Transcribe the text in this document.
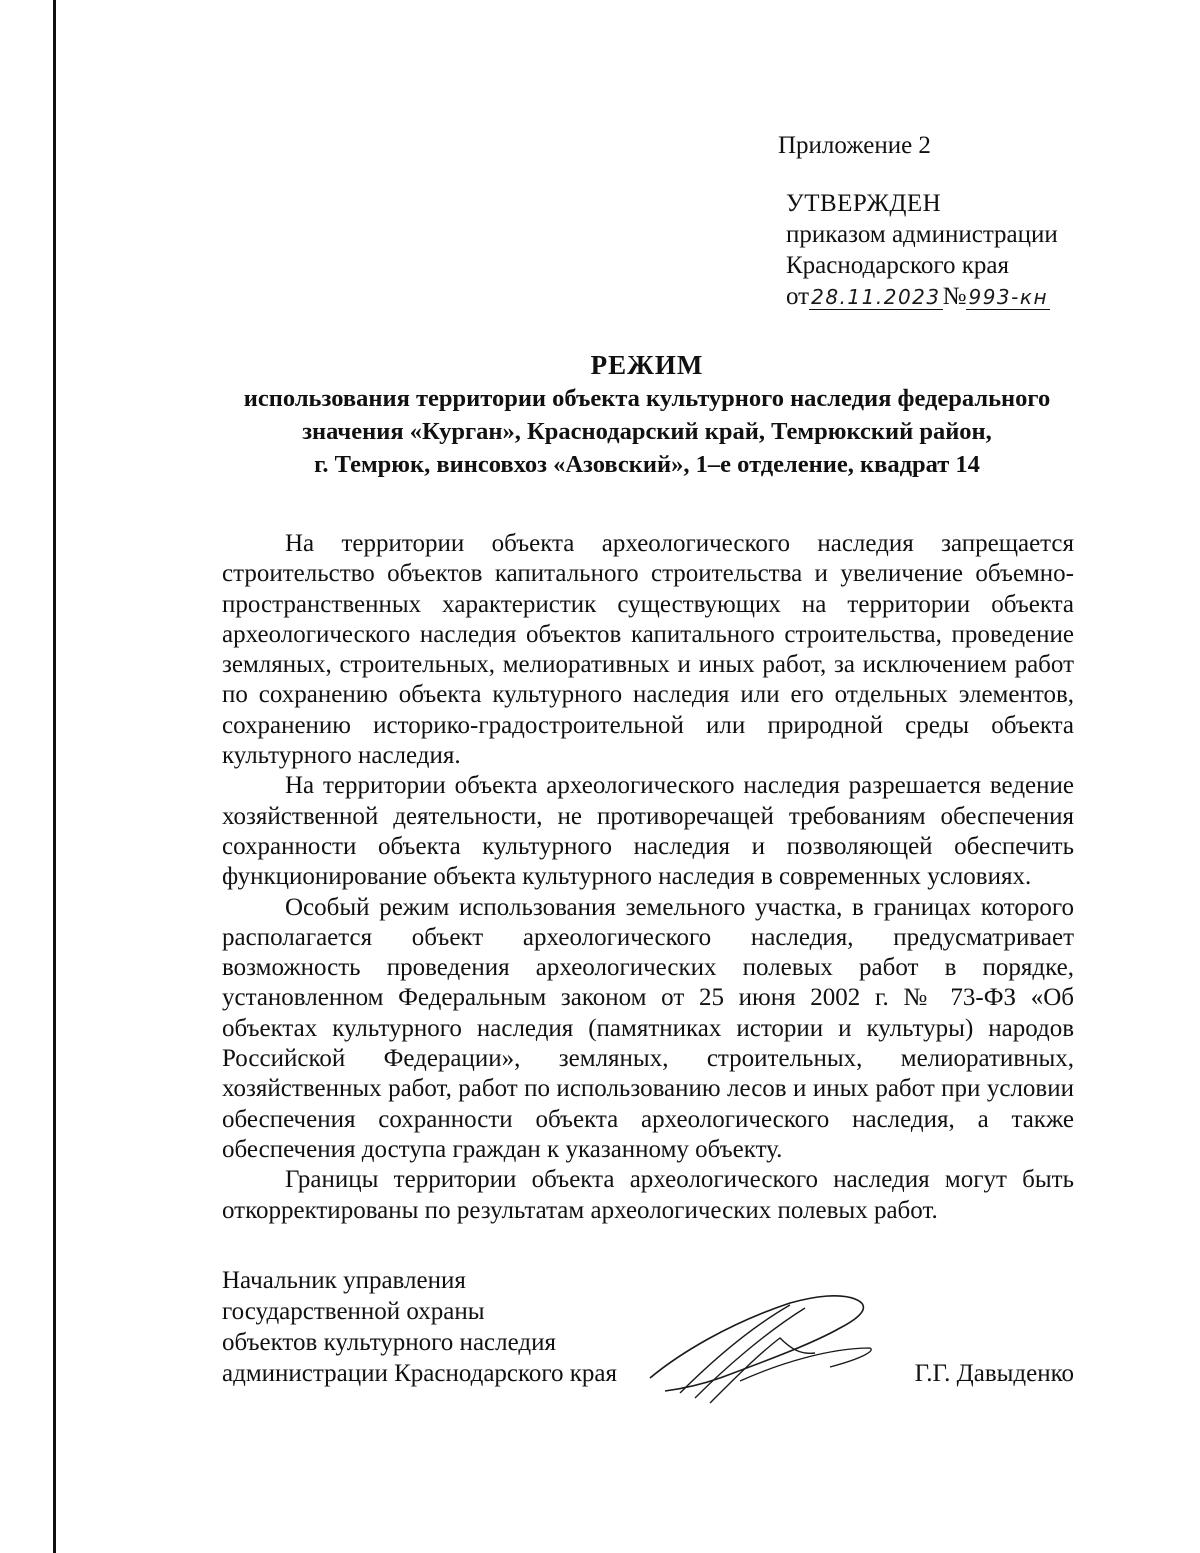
Приложение 2
УТВЕРЖДЕН
приказом администрации
Краснодарского края
от 28.11.2023№ 993-кн
РЕЖИМ
использования территории объекта культурного наследия федерального
значения «Курган», Краснодарский край, Темрюкский район,
г. Темрюк, винсовхоз «Азовский», 1–е отделение, квадрат 14

На территории объекта археологического наследия запрещается строительство объектов капитального строительства и увеличение объемно-пространственных характеристик существующих на территории объекта археологического наследия объектов капитального строительства, проведение земляных, строительных, мелиоративных и иных работ, за исключением работ по сохранению объекта культурного наследия или его отдельных элементов, сохранению историко-градостроительной или природной среды объекта культурного наследия.

На территории объекта археологического наследия разрешается ведение хозяйственной деятельности, не противоречащей требованиям обеспечения сохранности объекта культурного наследия и позволяющей обеспечить функционирование объекта культурного наследия в современных условиях.

Особый режим использования земельного участка, в границах которого располагается объект археологического наследия, предусматривает возможность проведения археологических полевых работ в порядке, установленном Федеральным законом от 25 июня 2002 г. № 73-ФЗ «Об объектах культурного наследия (памятниках истории и культуры) народов Российской Федерации», земляных, строительных, мелиоративных, хозяйственных работ, работ по использованию лесов и иных работ при условии обеспечения сохранности объекта археологического наследия, а также обеспечения доступа граждан к указанному объекту.

Границы территории объекта археологического наследия могут быть откорректированы по результатам археологических полевых работ.

Начальник управления
государственной охраны
объектов культурного наследия
администрации Краснодарского края	Г.Г. Давыденко
